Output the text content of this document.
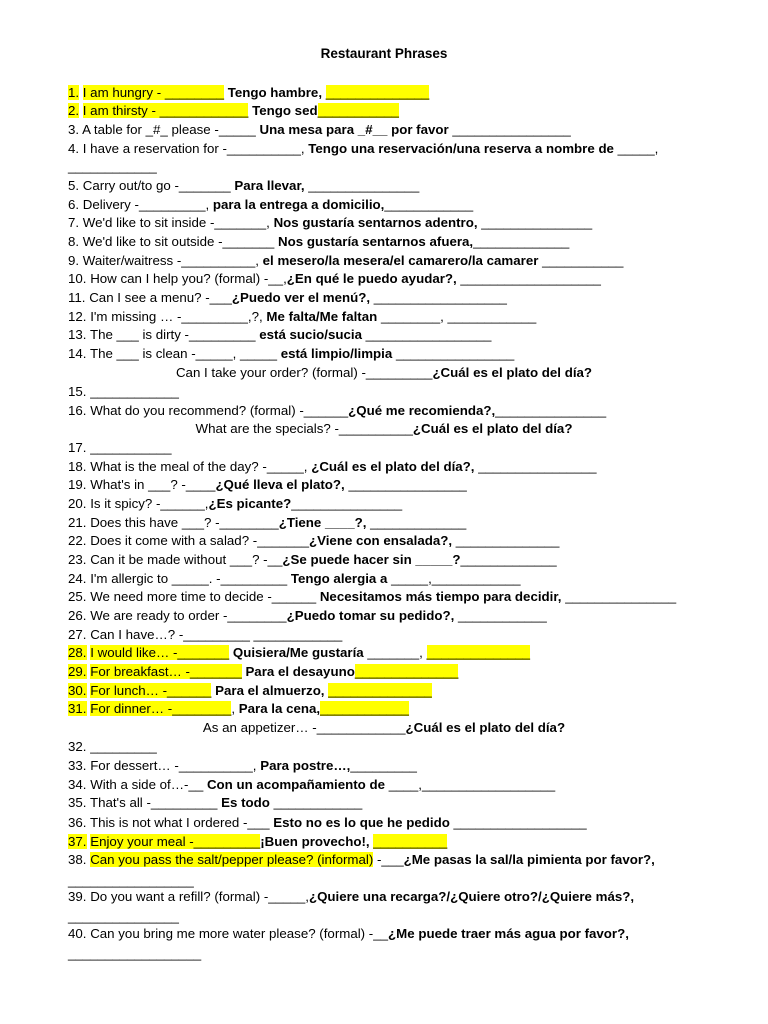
Restaurant Phrases
1. I am hungry - ________ Tengo hambre, ______________
2. I am thirsty - ____________ Tengo sed___________
3. A table for _#_ please -_____ Una mesa para _#__ por favor ________________
4. I have a reservation for -__________, Tengo una reservación/una reserva a nombre de _____,
____________
5. Carry out/to go -_______ Para llevar, _______________
6. Delivery -_________, para la entrega a domicilio,____________
7. We'd like to sit inside -_______, Nos gustaría sentarnos adentro, _______________
8. We'd like to sit outside -_______ Nos gustaría sentarnos afuera,_____________
9. Waiter/waitress -__________, el mesero/la mesera/el camarero/la camarer ___________
10. How can I help you? (formal) -__,¿En qué le puedo ayudar?, ___________________
11. Can I see a menu? -___¿Puedo ver el menú?, __________________
12. I'm missing … -_________,?, Me falta/Me faltan ________, ____________
13. The ___ is dirty -_________ está sucio/sucia _________________
14. The ___ is clean -_____, _____ está limpio/limpia ________________
Can I take your order? (formal) -_________¿Cuál es el plato del día?
15. ____________
16. What do you recommend? (formal) -______¿Qué me recomienda?,_______________
What are the specials? -__________¿Cuál es el plato del día?
17. ___________
18. What is the meal of the day? -_____, ¿Cuál es el plato del día?, ________________
19. What's in ___? -____¿Qué lleva el plato?, ________________
20. Is it spicy? -______,¿Es picante?_______________
21. Does this have ___? -________¿Tiene ____?, _____________
22. Does it come with a salad? -_______¿Viene con ensalada?, ______________
23. Can it be made without ___? -__¿Se puede hacer sin _____?_____________
24. I'm allergic to _____. -_________ Tengo alergia a _____,____________
25. We need more time to decide -______ Necesitamos más tiempo para decidir, _______________
26. We are ready to order -________¿Puedo tomar su pedido?, ____________
27. Can I have…? -_________ ____________
28. I would like… -_______ Quisiera/Me gustaría _______, ______________
29. For breakfast… -_______ Para el desayuno______________
30. For lunch… -______ Para el almuerzo, ______________
31. For dinner… -________, Para la cena,____________
As an appetizer… -____________¿Cuál es el plato del día?
32. _________
33. For dessert… -__________, Para postre…,_________
34. With a side of…-__ Con un acompañamiento de ____,__________________
35. That's all -_________ Es todo ____________
36. This is not what I ordered -___ Esto no es lo que he pedido __________________
37. Enjoy your meal -_________¡Buen provecho!, __________
38. Can you pass the salt/pepper please? (informal) -___¿Me pasas la sal/la pimienta por favor?,
_________________
39. Do you want a refill? (formal) -_____,¿Quiere una recarga?/¿Quiere otro?/¿Quiere más?,
_______________
40. Can you bring me more water please? (formal) -__¿Me puede traer más agua por favor?,
__________________
